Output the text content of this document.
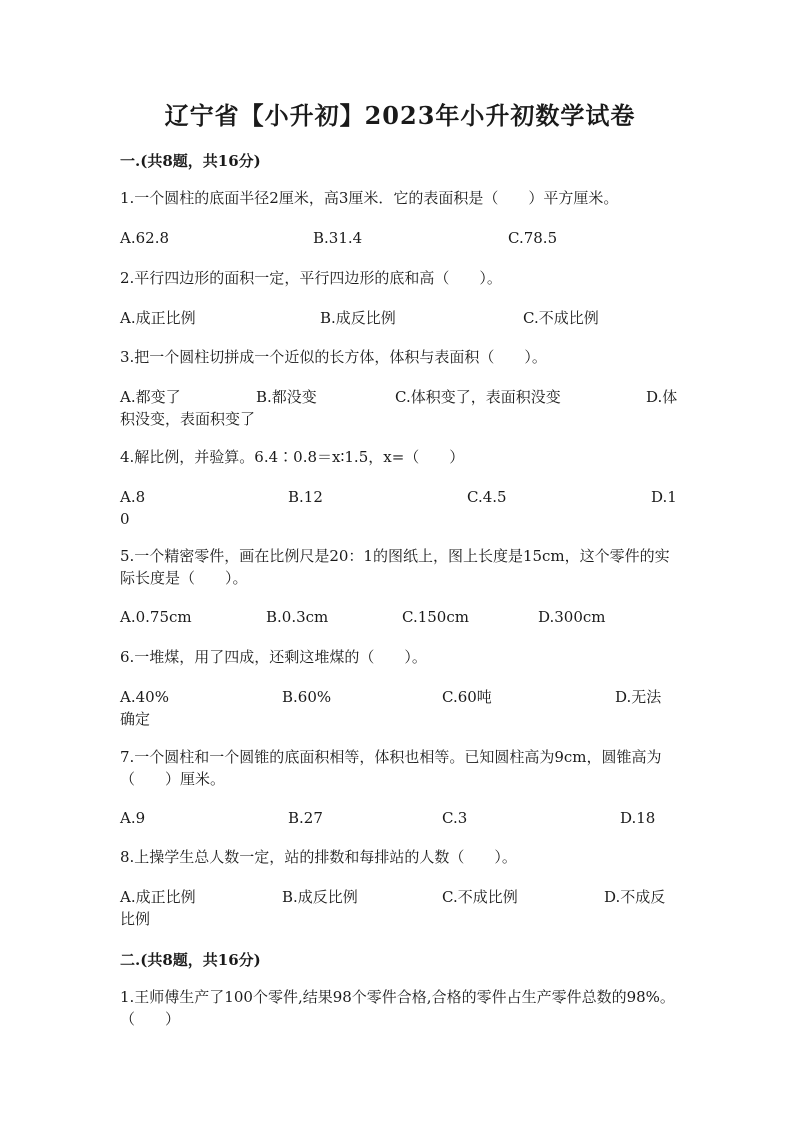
辽宁省【小升初】2023年小升初数学试卷
一.(共8题，共16分)
1.一个圆柱的底面半径2厘米，高3厘米．它的表面积是（　　）平方厘米。
A.62.8	B.31.4	C.78.5
2.平行四边形的面积一定，平行四边形的底和高（　　）。
A.成正比例	B.成反比例	C.不成比例
3.把一个圆柱切拼成一个近似的长方体，体积与表面积（　　）。
A.都变了	B.都没变	C.体积变了，表面积没变	D.体
积没变，表面积变了
4.解比例，并验算。6.4∶0.8＝x∶1.5，x=（　　）
A.8	B.12	C.4.5	D.1
0
5.一个精密零件，画在比例尺是20：1的图纸上，图上长度是15cm，这个零件的实际长度是（　　）。
A.0.75cm	B.0.3cm	C.150cm	D.300cm
6.一堆煤，用了四成，还剩这堆煤的（　　）。
A.40%	B.60%	C.60吨	D.无法
确定
7.一个圆柱和一个圆锥的底面积相等，体积也相等。已知圆柱高为9cm，圆锥高为（　　）厘米。
A.9	B.27	C.3	D.18
8.上操学生总人数一定，站的排数和每排站的人数（　　）。
A.成正比例	B.成反比例	C.不成比例	D.不成反
比例
二.(共8题，共16分)
1.王师傅生产了100个零件,结果98个零件合格,合格的零件占生产零件总数的98%。（　　）
